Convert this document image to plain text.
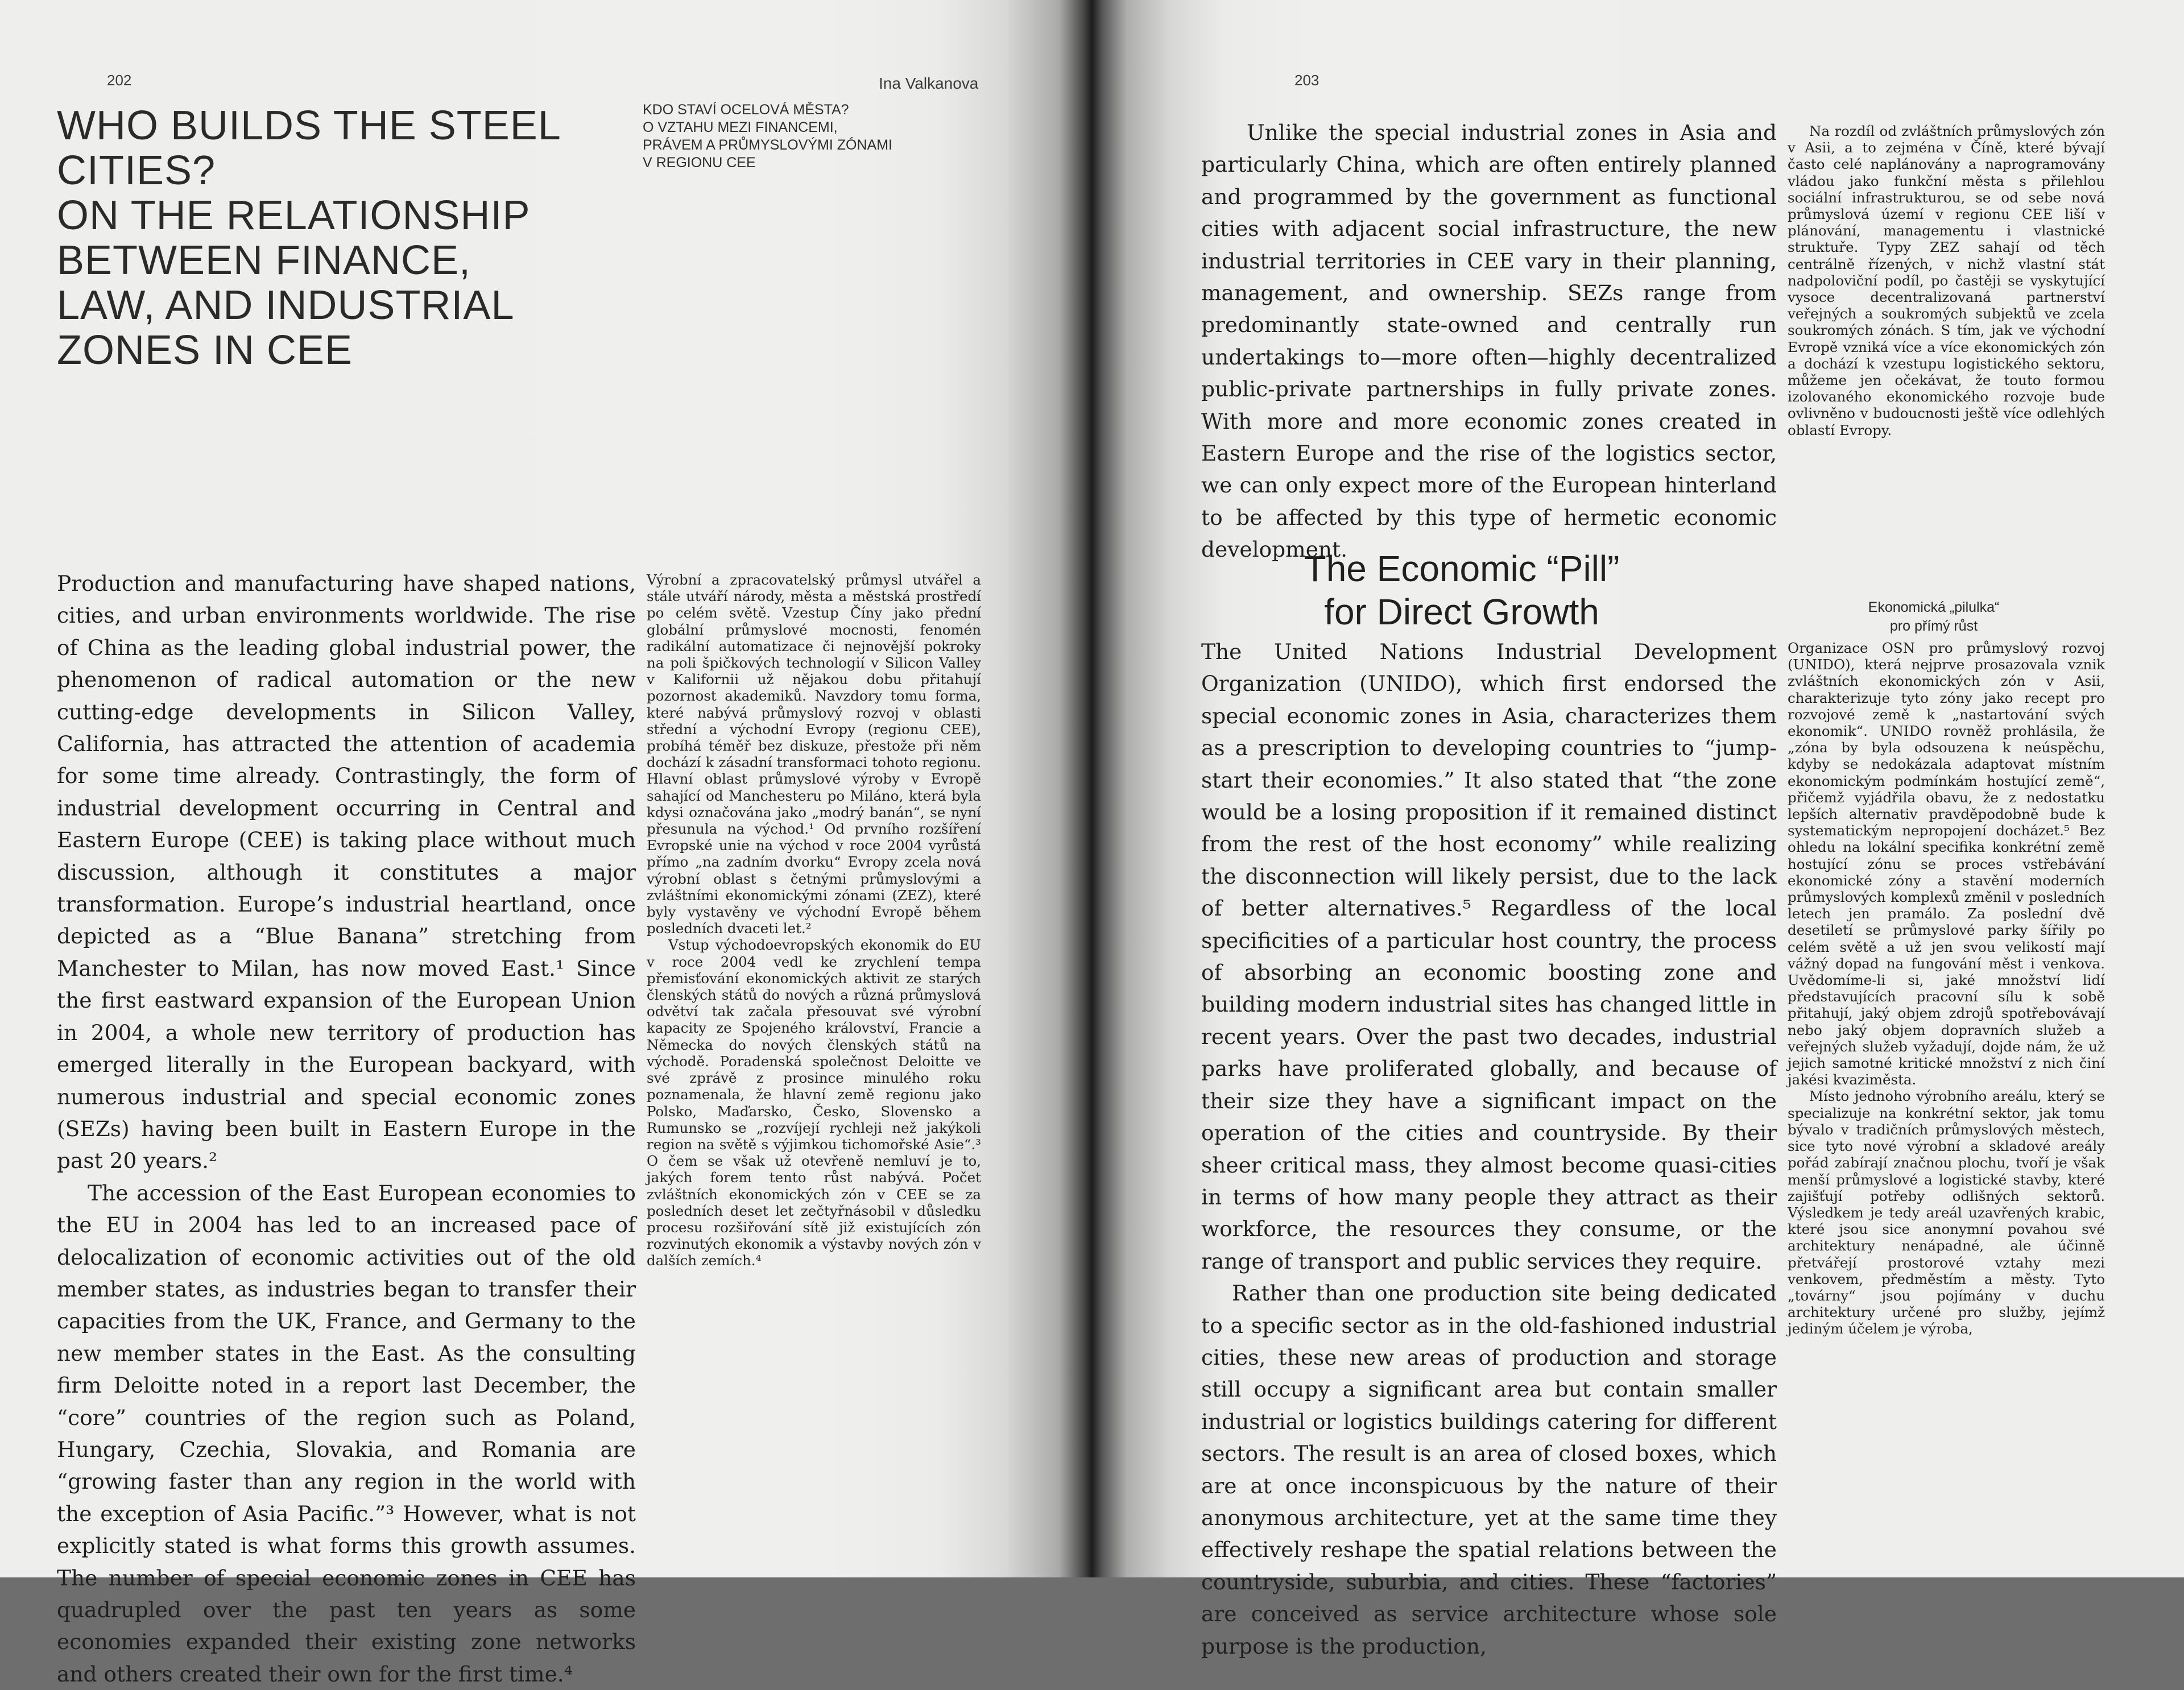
202	Ina Valkanova
WHO BUILDS THE STEEL
CITIES?
ON THE RELATIONSHIP
BETWEEN FINANCE,
LAW, AND INDUSTRIAL
ZONES IN CEE
KDO STAVÍ OCELOVÁ MĚSTA?
O VZTAHU MEZI FINANCEMI,
PRÁVEM A PRŮMYSLOVÝMI ZÓNAMI
V REGIONU CEE

Production and manufacturing have shaped nations, cities, and urban environments worldwide. The rise of China as the leading global industrial power, the phenomenon of radical automation or the new cutting-edge developments in Silicon Valley, California, has attracted the attention of academia for some time already. Contrastingly, the form of industrial development occurring in Central and Eastern Europe (CEE) is taking place without much discussion, although it constitutes a major transformation. Europe’s industrial heartland, once depicted as a “Blue Banana” stretching from Manchester to Milan, has now moved East.¹ Since the first eastward expansion of the European Union in 2004, a whole new territory of production has emerged literally in the European backyard, with numerous industrial and special economic zones (SEZs) having been built in Eastern Europe in the past 20 years.²

The accession of the East European economies to the EU in 2004 has led to an increased pace of delocalization of economic activities out of the old member states, as industries began to transfer their capacities from the UK, France, and Germany to the new member states in the East. As the consulting firm Deloitte noted in a report last December, the “core” countries of the region such as Poland, Hungary, Czechia, Slovakia, and Romania are “growing faster than any region in the world with the exception of Asia Pacific.”³ However, what is not explicitly stated is what forms this growth assumes. The number of special economic zones in CEE has quadrupled over the past ten years as some economies expanded their existing zone networks and others created their own for the first time.⁴

Výrobní a zpracovatelský průmysl utvářel a stále utváří národy, města a městská prostředí po celém světě. Vzestup Číny jako přední globální průmyslové mocnosti, fenomén radikální automatizace či nejnovější pokroky na poli špičkových technologií v Silicon Valley v Kalifornii už nějakou dobu přitahují pozornost akademiků. Navzdory tomu forma, které nabývá průmyslový rozvoj v oblasti střední a východní Evropy (regionu CEE), probíhá téměř bez diskuze, přestože při něm dochází k zásadní transformaci tohoto regionu. Hlavní oblast průmyslové výroby v Evropě sahající od Manchesteru po Miláno, která byla kdysi označována jako „modrý banán“, se nyní přesunula na východ.¹ Od prvního rozšíření Evropské unie na východ v roce 2004 vyrůstá přímo „na zadním dvorku“ Evropy zcela nová výrobní oblast s četnými průmyslovými a zvláštními ekonomickými zónami (ZEZ), které byly vystavěny ve východní Evropě během posledních dvaceti let.²

Vstup východoevropských ekonomik do EU v roce 2004 vedl ke zrychlení tempa přemisťování ekonomických aktivit ze starých členských států do nových a různá průmyslová odvětví tak začala přesouvat své výrobní kapacity ze Spojeného království, Francie a Německa do nových členských států na východě. Poradenská společnost Deloitte ve své zprávě z prosince minulého roku poznamenala, že hlavní země regionu jako Polsko, Maďarsko, Česko, Slovensko a Rumunsko se „rozvíjejí rychleji než jakýkoli region na světě s výjimkou tichomořské Asie“.³ O čem se však už otevřeně nemluví je to, jakých forem tento růst nabývá. Počet zvláštních ekonomických zón v CEE se za posledních deset let zečtyřnásobil v důsledku procesu rozšiřování sítě již existujících zón rozvinutých ekonomik a výstavby nových zón v dalších zemích.⁴

203

Unlike the special industrial zones in Asia and particularly China, which are often entirely planned and programmed by the government as functional cities with adjacent social infrastructure, the new industrial territories in CEE vary in their planning, management, and ownership. SEZs range from predominantly state-owned and centrally run undertakings to—more often—highly decentralized public-private partnerships in fully private zones. With more and more economic zones created in Eastern Europe and the rise of the logistics sector, we can only expect more of the European hinterland to be affected by this type of hermetic economic development.

Na rozdíl od zvláštních průmyslových zón v Asii, a to zejména v Číně, které bývají často celé naplánovány a naprogramovány vládou jako funkční města s přilehlou sociální infrastrukturou, se od sebe nová průmyslová území v regionu CEE liší v plánování, managementu i vlastnické struktuře. Typy ZEZ sahají od těch centrálně řízených, v nichž vlastní stát nadpoloviční podíl, po častěji se vyskytující vysoce decentralizovaná partnerství veřejných a soukromých subjektů ve zcela soukromých zónách. S tím, jak ve východní Evropě vzniká více a více ekonomických zón a dochází k vzestupu logistického sektoru, můžeme jen očekávat, že touto formou izolovaného ekonomického rozvoje bude ovlivněno v budoucnosti ještě více odlehlých oblastí Evropy.

The Economic “Pill”
for Direct Growth	Ekonomická „pilulka“
pro přímý růst

The United Nations Industrial Development Organization (UNIDO), which first endorsed the special economic zones in Asia, characterizes them as a prescription to developing countries to “jump-start their economies.” It also stated that “the zone would be a losing proposition if it remained distinct from the rest of the host economy” while realizing the disconnection will likely persist, due to the lack of better alternatives.⁵ Regardless of the local specificities of a particular host country, the process of absorbing an economic boosting zone and building modern industrial sites has changed little in recent years. Over the past two decades, industrial parks have proliferated globally, and because of their size they have a significant impact on the operation of the cities and countryside. By their sheer critical mass, they almost become quasi-cities in terms of how many people they attract as their workforce, the resources they consume, or the range of transport and public services they require.

Rather than one production site being dedicated to a specific sector as in the old-fashioned industrial cities, these new areas of production and storage still occupy a significant area but contain smaller industrial or logistics buildings catering for different sectors. The result is an area of closed boxes, which are at once inconspicuous by the nature of their anonymous architecture, yet at the same time they effectively reshape the spatial relations between the countryside, suburbia, and cities. These “factories” are conceived as service architecture whose sole purpose is the production,

Organizace OSN pro průmyslový rozvoj (UNIDO), která nejprve prosazovala vznik zvláštních ekonomických zón v Asii, charakterizuje tyto zóny jako recept pro rozvojové země k „nastartování svých ekonomik“. UNIDO rovněž prohlásila, že „zóna by byla odsouzena k neúspěchu, kdyby se nedokázala adaptovat místním ekonomickým podmínkám hostující země“, přičemž vyjádřila obavu, že z nedostatku lepších alternativ pravděpodobně bude k systematickým nepropojení docházet.⁵ Bez ohledu na lokální specifika konkrétní země hostující zónu se proces vstřebávání ekonomické zóny a stavění moderních průmyslových komplexů změnil v posledních letech jen pramálo. Za poslední dvě desetiletí se průmyslové parky šířily po celém světě a už jen svou velikostí mají vážný dopad na fungování měst i venkova. Uvědomíme-li si, jaké množství lidí představujících pracovní sílu k sobě přitahují, jaký objem zdrojů spotřebovávají nebo jaký objem dopravních služeb a veřejných služeb vyžadují, dojde nám, že už jejich samotné kritické množství z nich činí jakési kvaziměsta.

Místo jednoho výrobního areálu, který se specializuje na konkrétní sektor, jak tomu bývalo v tradičních průmyslových městech, sice tyto nové výrobní a skladové areály pořád zabírají značnou plochu, tvoří je však menší průmyslové a logistické stavby, které zajišťují potřeby odlišných sektorů. Výsledkem je tedy areál uzavřených krabic, které jsou sice anonymní povahou své architektury nenápadné, ale účinně přetvářejí prostorové vztahy mezi venkovem, předměstím a městy. Tyto „továrny“ jsou pojímány v duchu architektury určené pro služby, jejímž jediným účelem je výroba,
